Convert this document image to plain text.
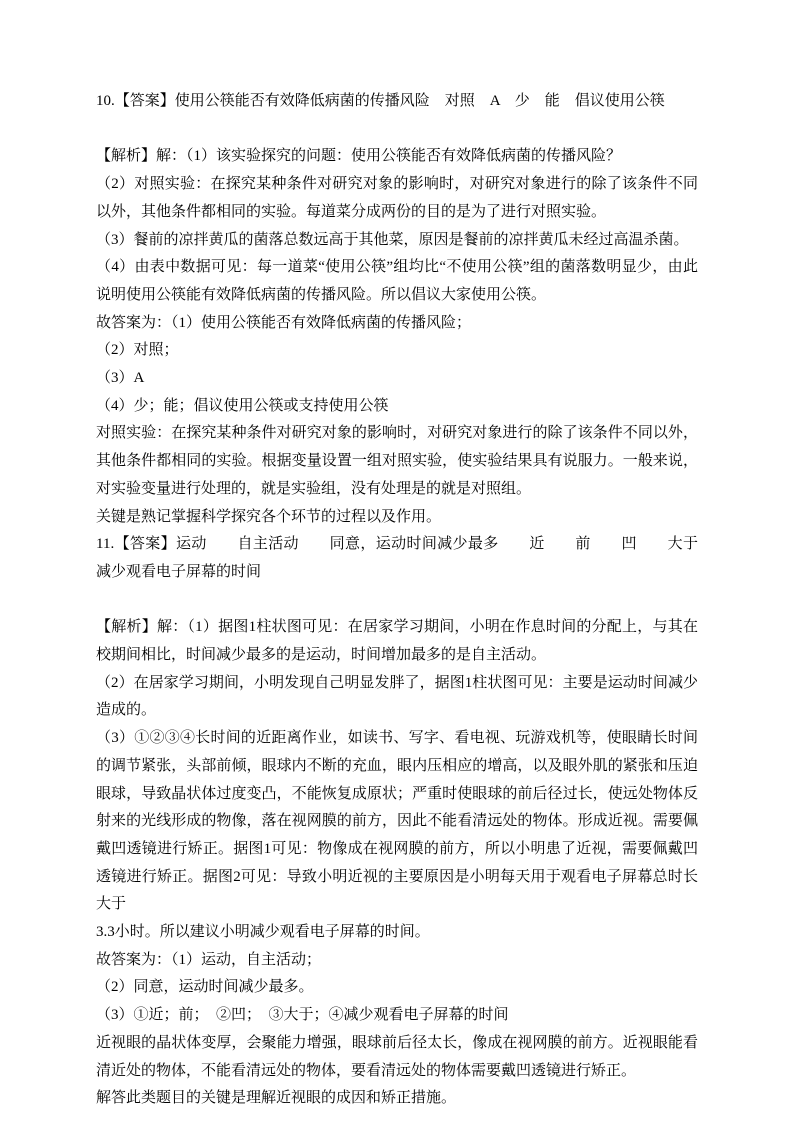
10.【答案】使用公筷能否有效降低病菌的传播风险　对照　A　少　能　倡议使用公筷

【解析】解：（1）该实验探究的问题：使用公筷能否有效降低病菌的传播风险？

（2）对照实验：在探究某种条件对研究对象的影响时，对研究对象进行的除了该条件不同以外，其他条件都相同的实验。每道菜分成两份的目的是为了进行对照实验。

（3）餐前的凉拌黄瓜的菌落总数远高于其他菜，原因是餐前的凉拌黄瓜未经过高温杀菌。

（4）由表中数据可见：每一道菜“使用公筷”组均比“不使用公筷”组的菌落数明显少，由此说明使用公筷能有效降低病菌的传播风险。所以倡议大家使用公筷。

故答案为：（1）使用公筷能否有效降低病菌的传播风险；

（2）对照；

（3）A

（4）少；能；倡议使用公筷或支持使用公筷

对照实验：在探究某种条件对研究对象的影响时，对研究对象进行的除了该条件不同以外，其他条件都相同的实验。根据变量设置一组对照实验，使实验结果具有说服力。一般来说，对实验变量进行处理的，就是实验组，没有处理是的就是对照组。

关键是熟记掌握科学探究各个环节的过程以及作用。

11.【答案】运动　　自主活动　　同意，运动时间减少最多　　近　　前　　凹　　大于　　减少观看电子屏幕的时间

【解析】解：（1）据图1柱状图可见：在居家学习期间，小明在作息时间的分配上，与其在校期间相比，时间减少最多的是运动，时间增加最多的是自主活动。

（2）在居家学习期间，小明发现自己明显发胖了，据图1柱状图可见：主要是运动时间减少造成的。

（3）①②③④长时间的近距离作业，如读书、写字、看电视、玩游戏机等，使眼睛长时间的调节紧张，头部前倾，眼球内不断的充血，眼内压相应的增高，以及眼外肌的紧张和压迫眼球，导致晶状体过度变凸，不能恢复成原状；严重时使眼球的前后径过长，使远处物体反射来的光线形成的物像，落在视网膜的前方，因此不能看清远处的物体。形成近视。需要佩戴凹透镜进行矫正。据图1可见：物像成在视网膜的前方，所以小明患了近视，需要佩戴凹透镜进行矫正。据图2可见：导致小明近视的主要原因是小明每天用于观看电子屏幕总时长大于

3.3小时。所以建议小明减少观看电子屏幕的时间。

故答案为：（1）运动，自主活动；

（2）同意，运动时间减少最多。

（3）①近；前；　②凹；　③大于；④减少观看电子屏幕的时间

近视眼的晶状体变厚，会聚能力增强，眼球前后径太长，像成在视网膜的前方。近视眼能看清近处的物体，不能看清远处的物体，要看清远处的物体需要戴凹透镜进行矫正。

解答此类题目的关键是理解近视眼的成因和矫正措施。
